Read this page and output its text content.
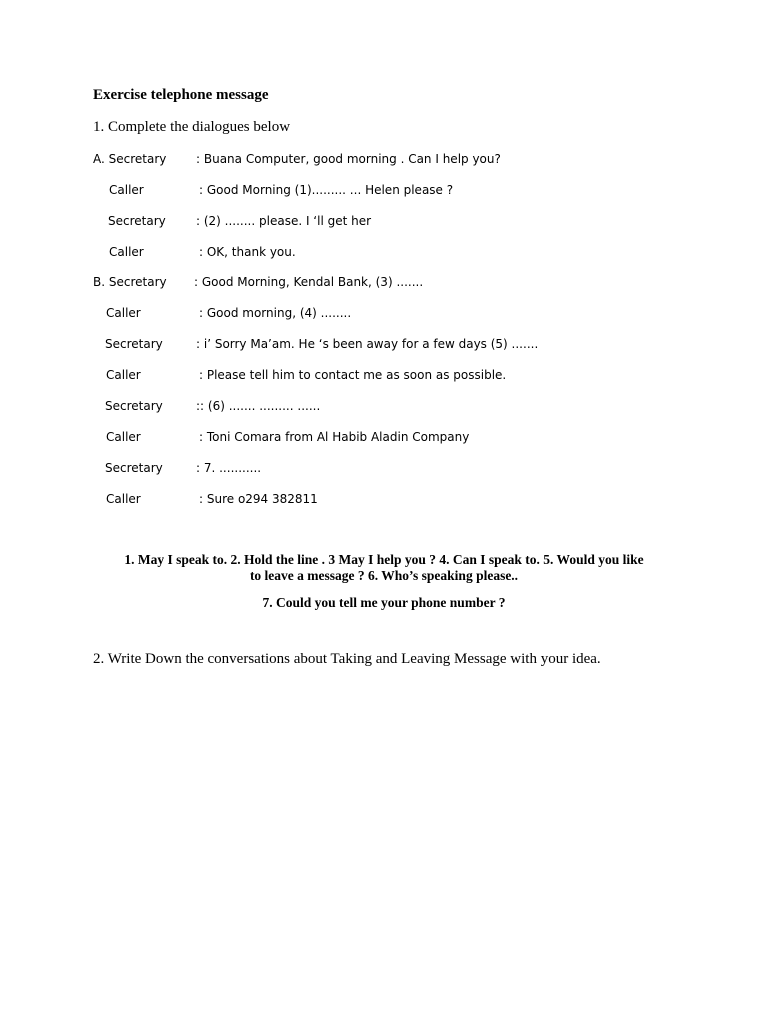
Exercise telephone message
1. Complete the dialogues below
A. Secretary : Buana Computer, good morning . Can I help you?
Caller	: Good Morning (1)......... ... Helen please ?
Secretary	: (2) ........ please. I ‘ll get her
Caller	: OK, thank you.
B. Secretary : Good Morning, Kendal Bank, (3) .......
Caller	: Good morning, (4) ........
Secretary	: i’ Sorry Ma’am. He ‘s been away for a few days (5) .......
Caller	: Please tell him to contact me as soon as possible.
Secretary	:: (6) ....... ......... ......
Caller	: Toni Comara from Al Habib Aladin Company
Secretary	: 7. ...........
Caller	: Sure o294 382811
1. May I speak to. 2. Hold the line . 3 May I help you ? 4. Can I speak to. 5. Would you like
to leave a message ? 6. Who’s speaking please..
7. Could you tell me your phone number ?
2. Write Down the conversations about Taking and Leaving Message with your idea.
